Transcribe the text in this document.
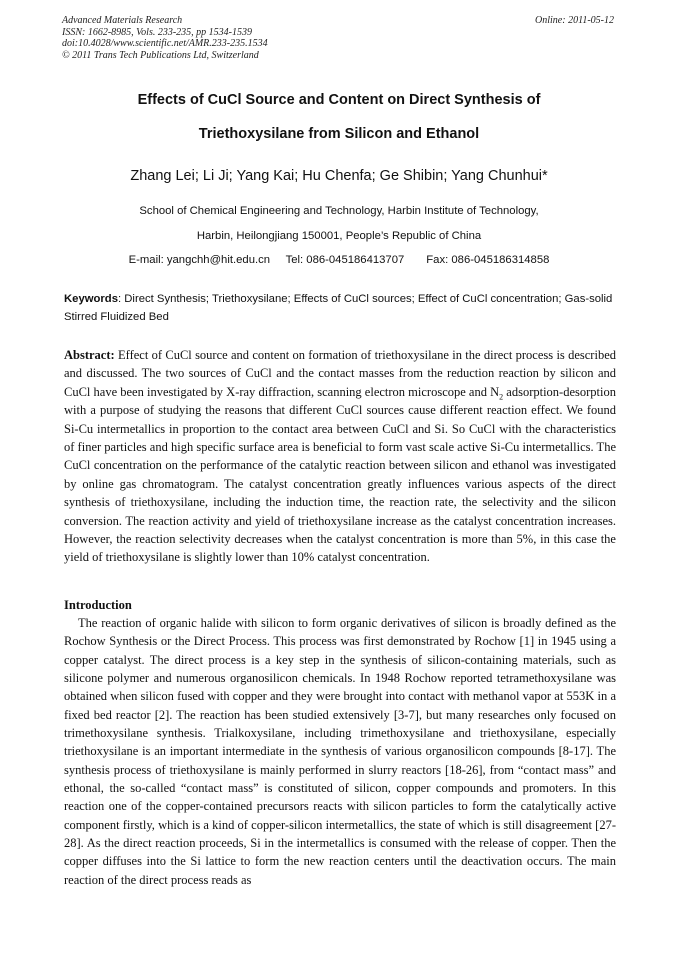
Advanced Materials Research
ISSN: 1662-8985, Vols. 233-235, pp 1534-1539
doi:10.4028/www.scientific.net/AMR.233-235.1534
© 2011 Trans Tech Publications Ltd, Switzerland
Online: 2011-05-12
Effects of CuCl Source and Content on Direct Synthesis of
Triethoxysilane from Silicon and Ethanol
Zhang Lei; Li Ji; Yang Kai; Hu Chenfa; Ge Shibin; Yang Chunhui*
School of Chemical Engineering and Technology, Harbin Institute of Technology,
Harbin, Heilongjiang 150001, People’s Republic of China
E-mail: yangchh@hit.edu.cn Tel: 086-045186413707 Fax: 086-045186314858
Keywords: Direct Synthesis; Triethoxysilane; Effects of CuCl sources; Effect of CuCl concentration; Gas-solid Stirred Fluidized Bed
Abstract: Effect of CuCl source and content on formation of triethoxysilane in the direct process is described and discussed. The two sources of CuCl and the contact masses from the reduction reaction by silicon and CuCl have been investigated by X-ray diffraction, scanning electron microscope and $N_2$ adsorption-desorption with a purpose of studying the reasons that different CuCl sources cause different reaction effect. We found Si-Cu intermetallics in proportion to the contact area between CuCl and Si. So CuCl with the characteristics of finer particles and high specific surface area is beneficial to form vast scale active Si-Cu intermetallics. The CuCl concentration on the performance of the catalytic reaction between silicon and ethanol was investigated by online gas chromatogram. The catalyst concentration greatly influences various aspects of the direct synthesis of triethoxysilane, including the induction time, the reaction rate, the selectivity and the silicon conversion. The reaction activity and yield of triethoxysilane increase as the catalyst concentration increases. However, the reaction selectivity decreases when the catalyst concentration is more than 5%, in this case the yield of triethoxysilane is slightly lower than 10% catalyst concentration.
Introduction
The reaction of organic halide with silicon to form organic derivatives of silicon is broadly defined as the Rochow Synthesis or the Direct Process. This process was first demonstrated by Rochow [1] in 1945 using a copper catalyst. The direct process is a key step in the synthesis of silicon-containing materials, such as silicone polymer and numerous organosilicon chemicals. In 1948 Rochow reported tetramethoxysilane was obtained when silicon fused with copper and they were brought into contact with methanol vapor at 553K in a fixed bed reactor [2]. The reaction has been studied extensively [3-7], but many researches only focused on trimethoxysilane synthesis. Trialkoxysilane, including trimethoxysilane and triethoxysilane, especially triethoxysilane is an important intermediate in the synthesis of various organosilicon compounds [8-17]. The synthesis process of triethoxysilane is mainly performed in slurry reactors [18-26], from “contact mass” and ethonal, the so-called “contact mass” is constituted of silicon, copper compounds and promoters. In this reaction one of the copper-contained precursors reacts with silicon particles to form the catalytically active component firstly, which is a kind of copper-silicon intermetallics, the state of which is still disagreement [27-28]. As the direct reaction proceeds, Si in the intermetallics is consumed with the release of copper. Then the copper diffuses into the Si lattice to form the new reaction centers until the deactivation occurs. The main reaction of the direct process reads as
